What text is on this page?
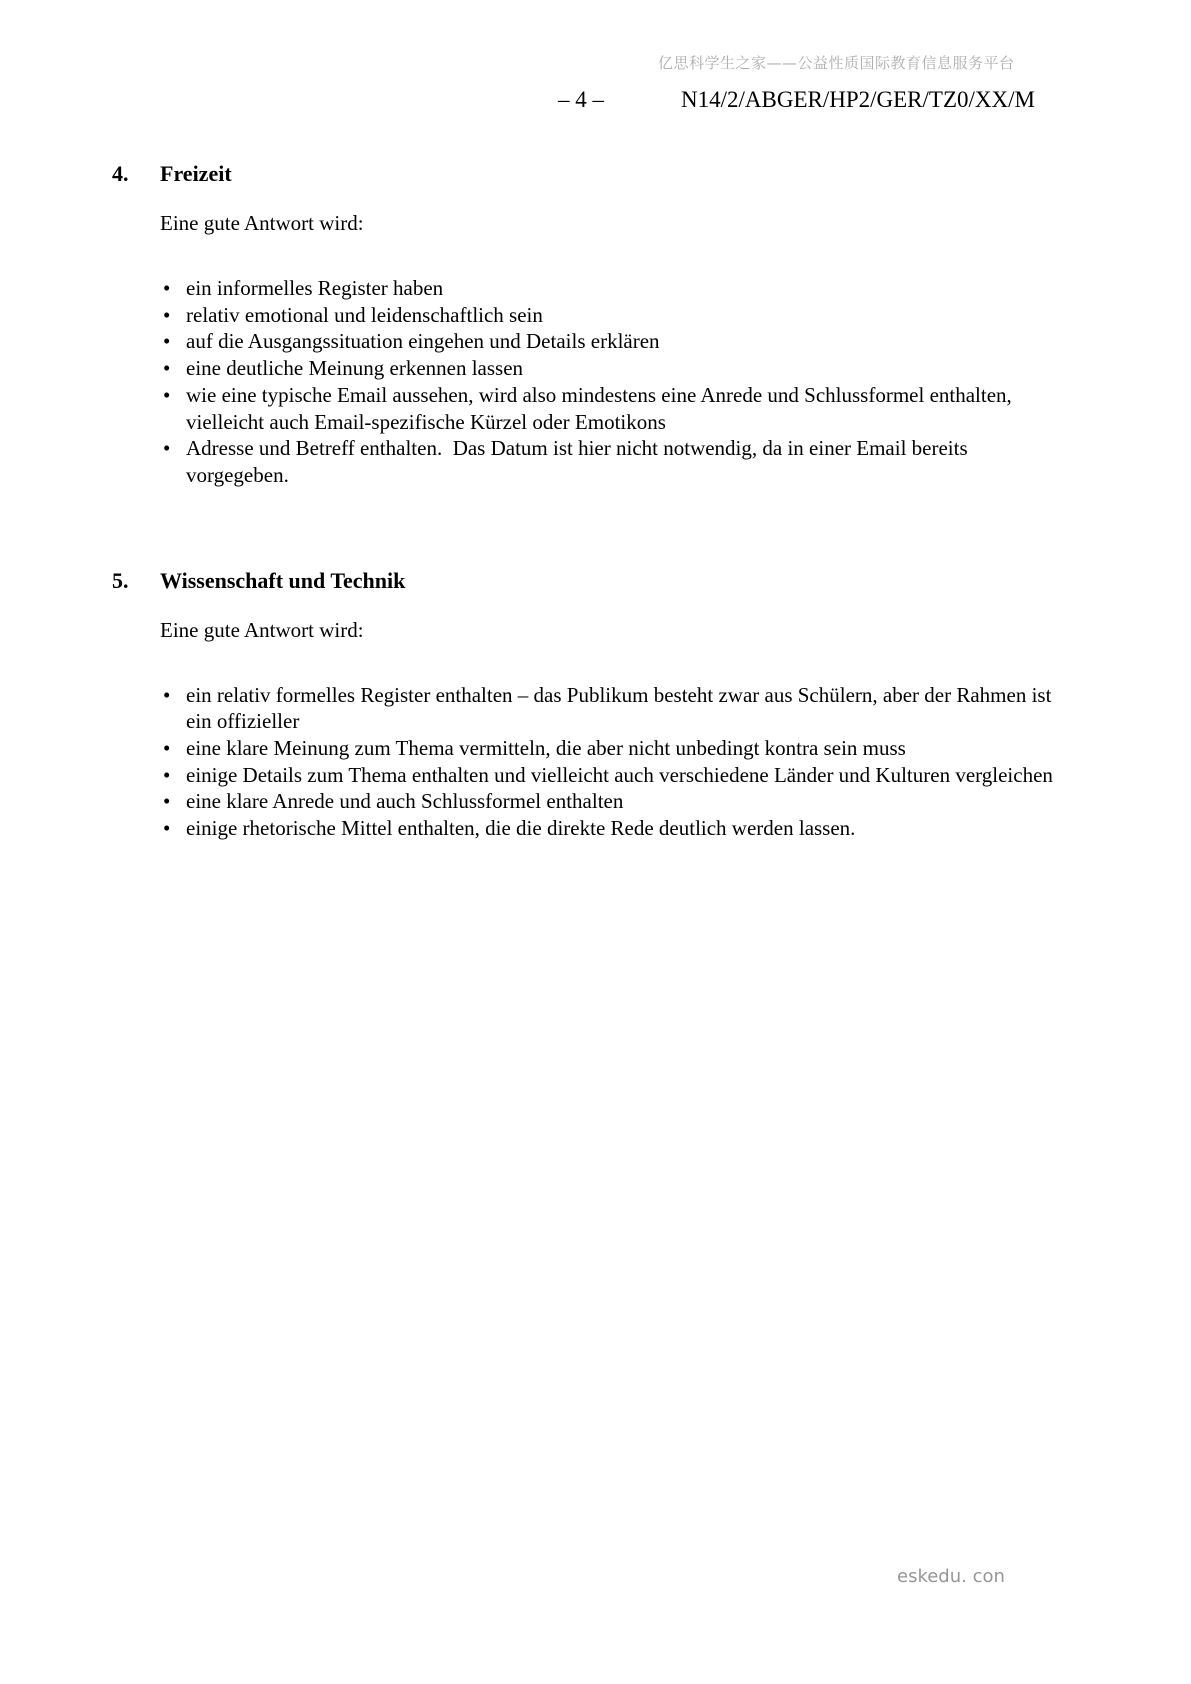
亿思科学生之家——公益性质国际教育信息服务平台
– 4 –	N14/2/ABGER/HP2/GER/TZ0/XX/M
4.	Freizeit

Eine gute Antwort wird:

• ein informelles Register haben
• relativ emotional und leidenschaftlich sein
• auf die Ausgangssituation eingehen und Details erklären
• eine deutliche Meinung erkennen lassen
• wie eine typische Email aussehen, wird also mindestens eine Anrede und Schlussformel enthalten, vielleicht auch Email-spezifische Kürzel oder Emotikons
• Adresse und Betreff enthalten.  Das Datum ist hier nicht notwendig, da in einer Email bereits vorgegeben.
5.	Wissenschaft und Technik

Eine gute Antwort wird:

• ein relativ formelles Register enthalten – das Publikum besteht zwar aus Schülern, aber der Rahmen ist ein offizieller
• eine klare Meinung zum Thema vermitteln, die aber nicht unbedingt kontra sein muss
• einige Details zum Thema enthalten und vielleicht auch verschiedene Länder und Kulturen vergleichen
• eine klare Anrede und auch Schlussformel enthalten
• einige rhetorische Mittel enthalten, die die direkte Rede deutlich werden lassen.
eskedu. con
